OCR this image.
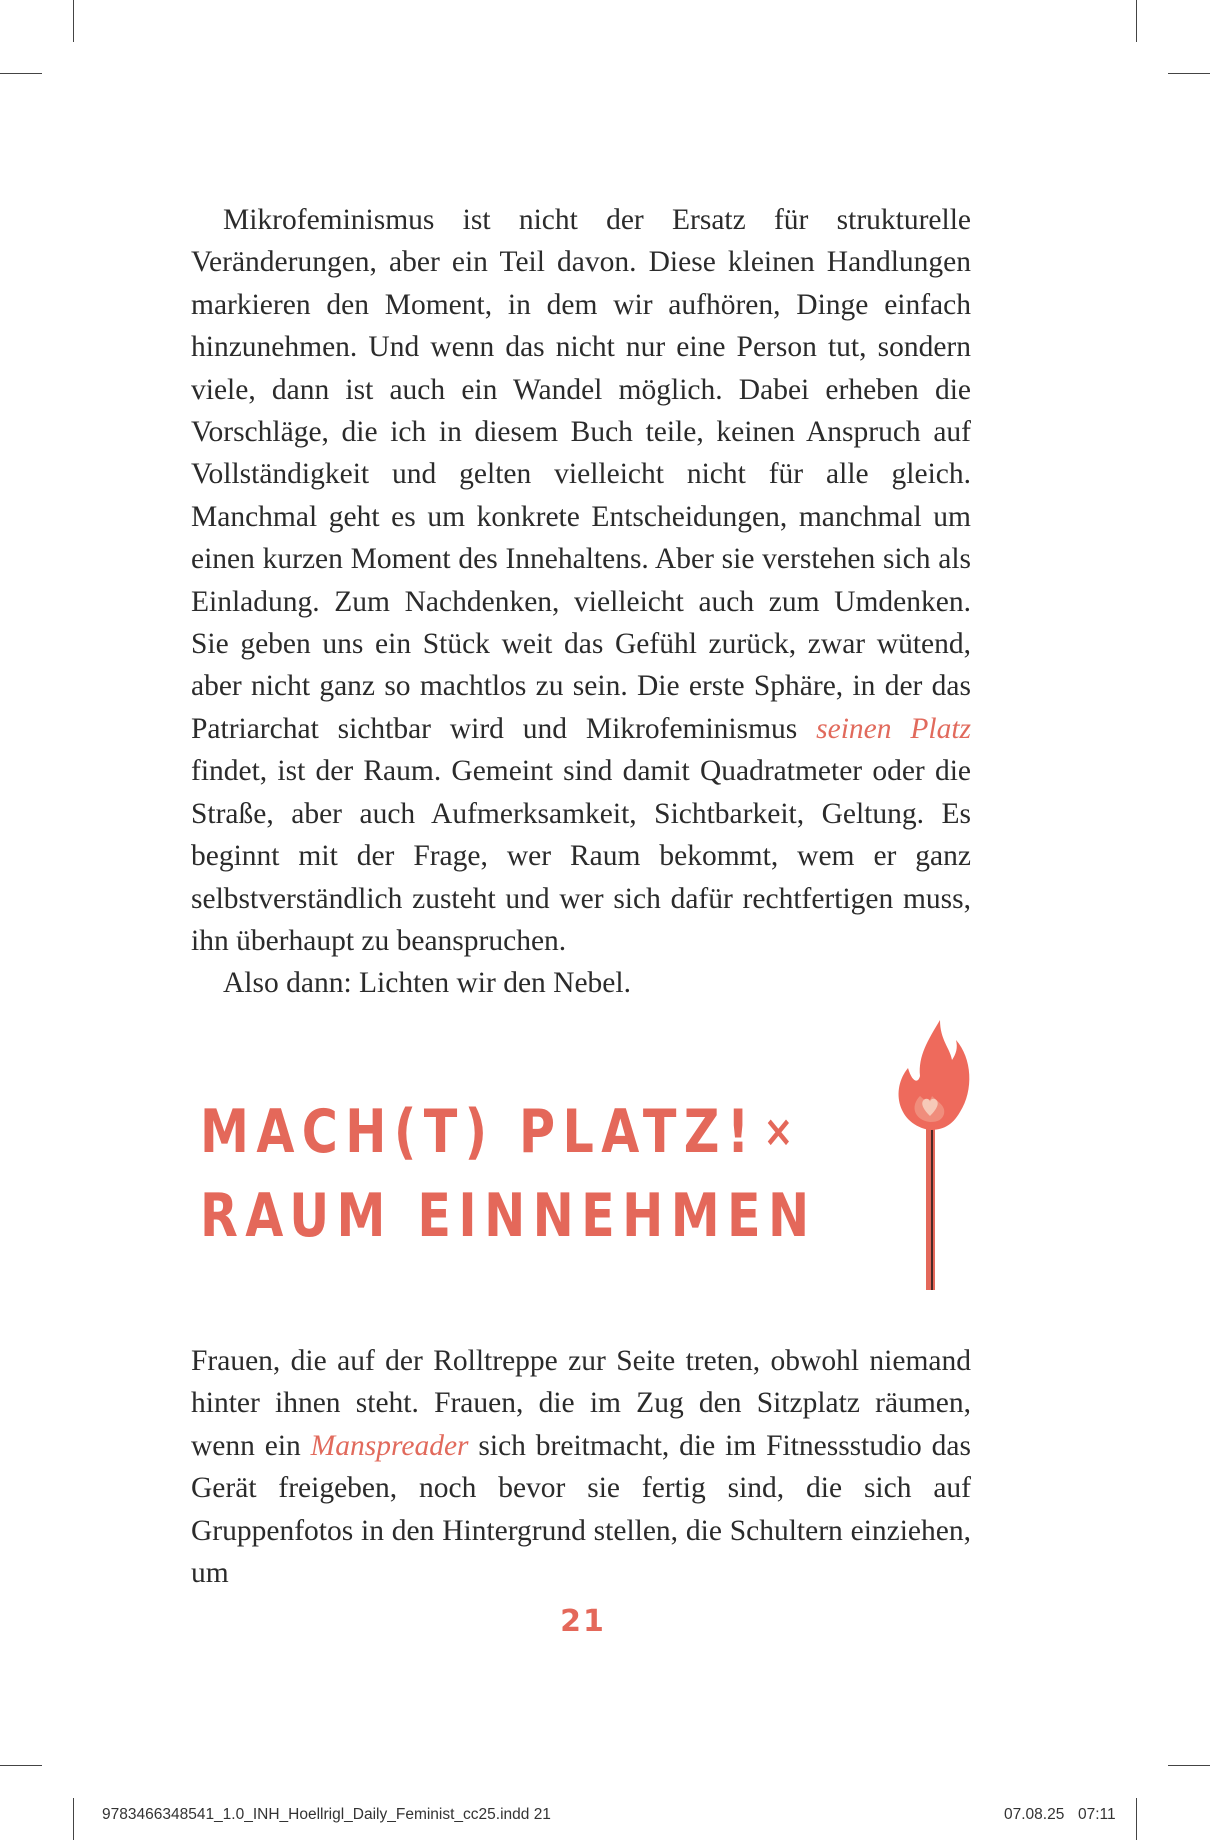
Mikrofeminismus ist nicht der Ersatz für strukturelle Veränderungen, aber ein Teil davon. Diese kleinen Handlungen markieren den Moment, in dem wir aufhören, Dinge einfach hinzunehmen. Und wenn das nicht nur eine Person tut, sondern viele, dann ist auch ein Wandel möglich. Dabei erheben die Vorschläge, die ich in diesem Buch teile, keinen Anspruch auf Vollständigkeit und gelten vielleicht nicht für alle gleich. Manchmal geht es um konkrete Entscheidungen, manchmal um einen kurzen Moment des Innehaltens. Aber sie verstehen sich als Einladung. Zum Nachdenken, vielleicht auch zum Umdenken. Sie geben uns ein Stück weit das Gefühl zurück, zwar wütend, aber nicht ganz so machtlos zu sein. Die erste Sphäre, in der das Patriarchat sichtbar wird und Mikrofeminismus seinen Platz findet, ist der Raum. Gemeint sind damit Quadratmeter oder die Straße, aber auch Aufmerksamkeit, Sichtbarkeit, Geltung. Es beginnt mit der Frage, wer Raum bekommt, wem er ganz selbstverständlich zusteht und wer sich dafür rechtfertigen muss, ihn überhaupt zu beanspruchen.

Also dann: Lichten wir den Nebel.

MACH(T) PLATZ! ×
RAUM EINNEHMEN

Frauen, die auf der Rolltreppe zur Seite treten, obwohl niemand hinter ihnen steht. Frauen, die im Zug den Sitzplatz räumen, wenn ein Manspreader sich breitmacht, die im Fitnessstudio das Gerät freigeben, noch bevor sie fertig sind, die sich auf Gruppenfotos in den Hintergrund stellen, die Schultern einziehen, um

21
9783466348541_1.0_INH_Hoellrigl_Daily_Feminist_cc25.indd 21	07.08.25 07:11
